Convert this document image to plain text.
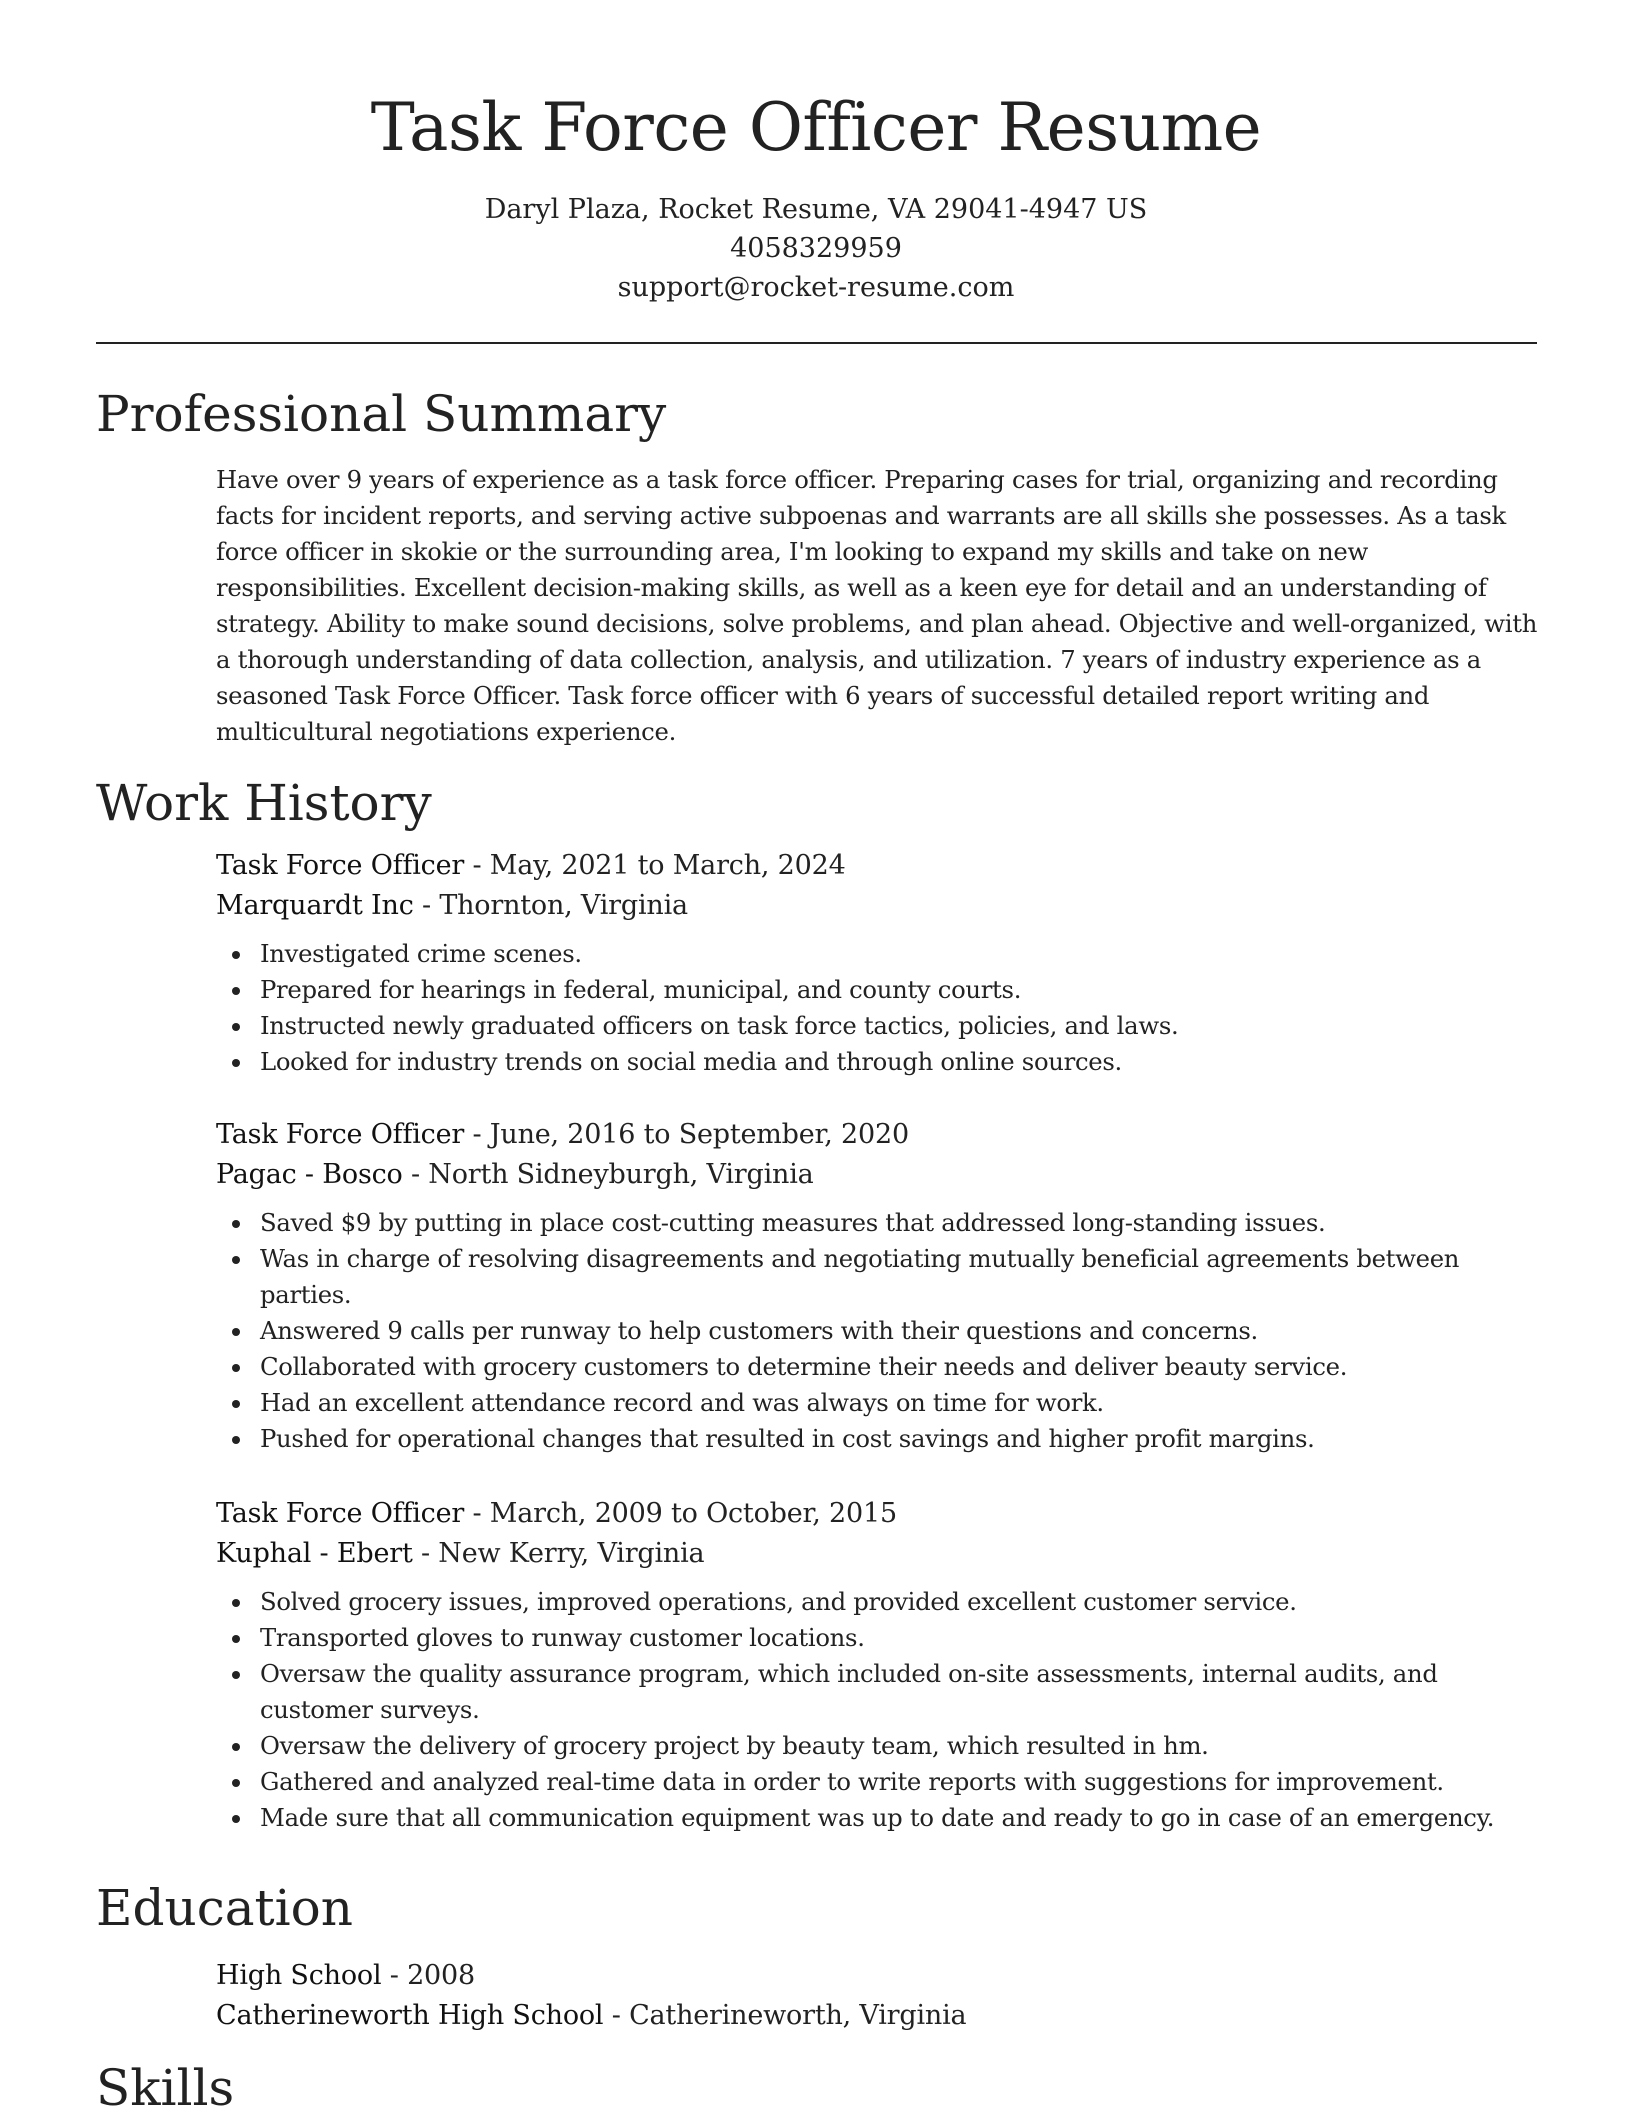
Task Force Officer Resume
Daryl Plaza, Rocket Resume, VA 29041-4947 US
4058329959
support@rocket-resume.com
Professional Summary

Have over 9 years of experience as a task force officer. Preparing cases for trial, organizing and recording facts for incident reports, and serving active subpoenas and warrants are all skills she possesses. As a task force officer in skokie or the surrounding area, I'm looking to expand my skills and take on new responsibilities. Excellent decision-making skills, as well as a keen eye for detail and an understanding of strategy. Ability to make sound decisions, solve problems, and plan ahead. Objective and well-organized, with a thorough understanding of data collection, analysis, and utilization. 7 years of industry experience as a seasoned Task Force Officer. Task force officer with 6 years of successful detailed report writing and multicultural negotiations experience.

Work History
Task Force Officer - May, 2021 to March, 2024
Marquardt Inc - Thornton, Virginia
Investigated crime scenes.
Prepared for hearings in federal, municipal, and county courts.
Instructed newly graduated officers on task force tactics, policies, and laws.
Looked for industry trends on social media and through online sources.
Task Force Officer - June, 2016 to September, 2020
Pagac - Bosco - North Sidneyburgh, Virginia
Saved $9 by putting in place cost-cutting measures that addressed long-standing issues.
Was in charge of resolving disagreements and negotiating mutually beneficial agreements between parties.
Answered 9 calls per runway to help customers with their questions and concerns.
Collaborated with grocery customers to determine their needs and deliver beauty service.
Had an excellent attendance record and was always on time for work.
Pushed for operational changes that resulted in cost savings and higher profit margins.
Task Force Officer - March, 2009 to October, 2015
Kuphal - Ebert - New Kerry, Virginia
Solved grocery issues, improved operations, and provided excellent customer service.
Transported gloves to runway customer locations.
Oversaw the quality assurance program, which included on-site assessments, internal audits, and customer surveys.
Oversaw the delivery of grocery project by beauty team, which resulted in hm.
Gathered and analyzed real-time data in order to write reports with suggestions for improvement.
Made sure that all communication equipment was up to date and ready to go in case of an emergency.
Education
High School - 2008
Catherineworth High School - Catherineworth, Virginia
Skills
